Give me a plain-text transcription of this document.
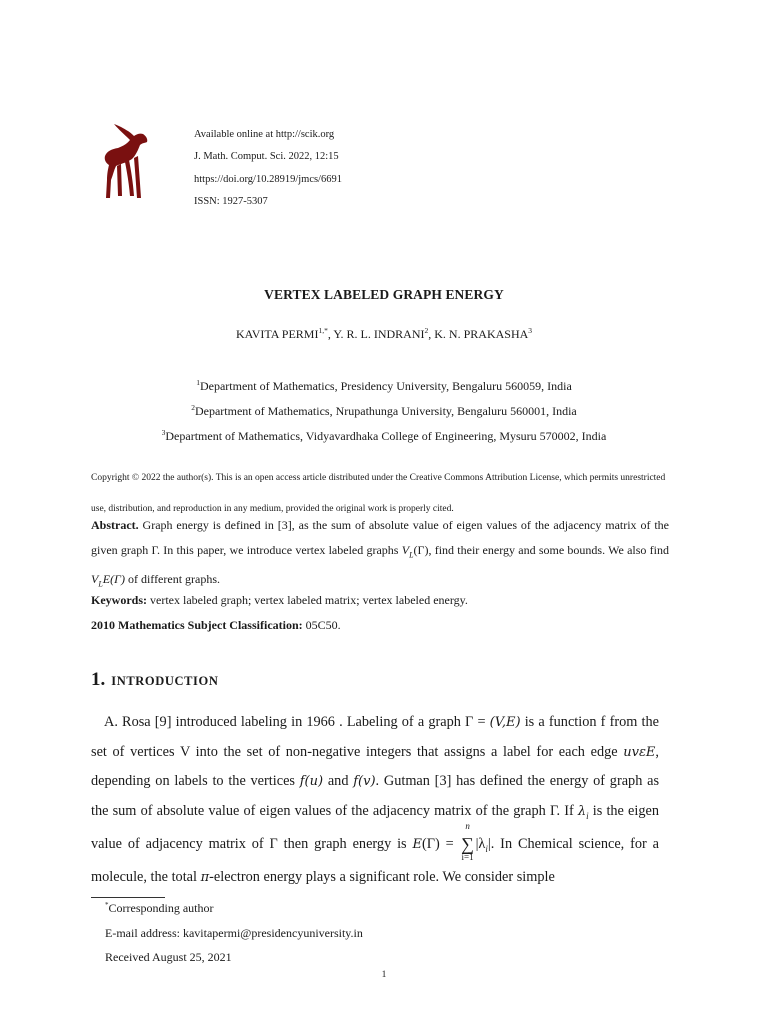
Available online at http://scik.org
J. Math. Comput. Sci. 2022, 12:15
https://doi.org/10.28919/jmcs/6691
ISSN: 1927-5307
VERTEX LABELED GRAPH ENERGY
KAVITA $PERMI^{1,*}$, Y. R. L. INDRANI$^2$, K. N. PRAKASHA$^3$
$^1$Department of Mathematics, Presidency University, Bengaluru 560059, India
$^2$Department of Mathematics, Nrupathunga University, Bengaluru 560001, India
$^3$Department of Mathematics, Vidyavardhaka College of Engineering, Mysuru 570002, India
Copyright © 2022 the author(s). This is an open access article distributed under the Creative Commons Attribution License, which permits unrestricted use, distribution, and reproduction in any medium, provided the original work is properly cited.
Abstract. Graph energy is defined in [3], as the sum of absolute value of eigen values of the adjacency matrix of the given graph Γ. In this paper, we introduce vertex labeled graphs $V_L(\Gamma)$, find their energy and some bounds. We also find $V_LE(\Gamma)$ of different graphs.
Keywords: vertex labeled graph; vertex labeled matrix; vertex labeled energy.
2010 Mathematics Subject Classification: 05C50.
1. INTRODUCTION
A. Rosa [9] introduced labeling in 1966 . Labeling of a graph Γ = (V,E) is a function f from the set of vertices V into the set of non-negative integers that assigns a label for each edge uvεE, depending on labels to the vertices f(u) and f(v). Gutman [3] has defined the energy of graph as the sum of absolute value of eigen values of the adjacency matrix of the graph Γ. If $\lambda_i$ is the eigen value of adjacency matrix of Γ then graph energy is E(Γ) =
n
∑
i=1
$|\lambda_i|$. In Chemical science, for a molecule, the total π-electron energy plays a significant role. We consider simple
*Corresponding author
E-mail address: kavitapermi@presidencyuniversity.in
Received August 25, 2021
1
